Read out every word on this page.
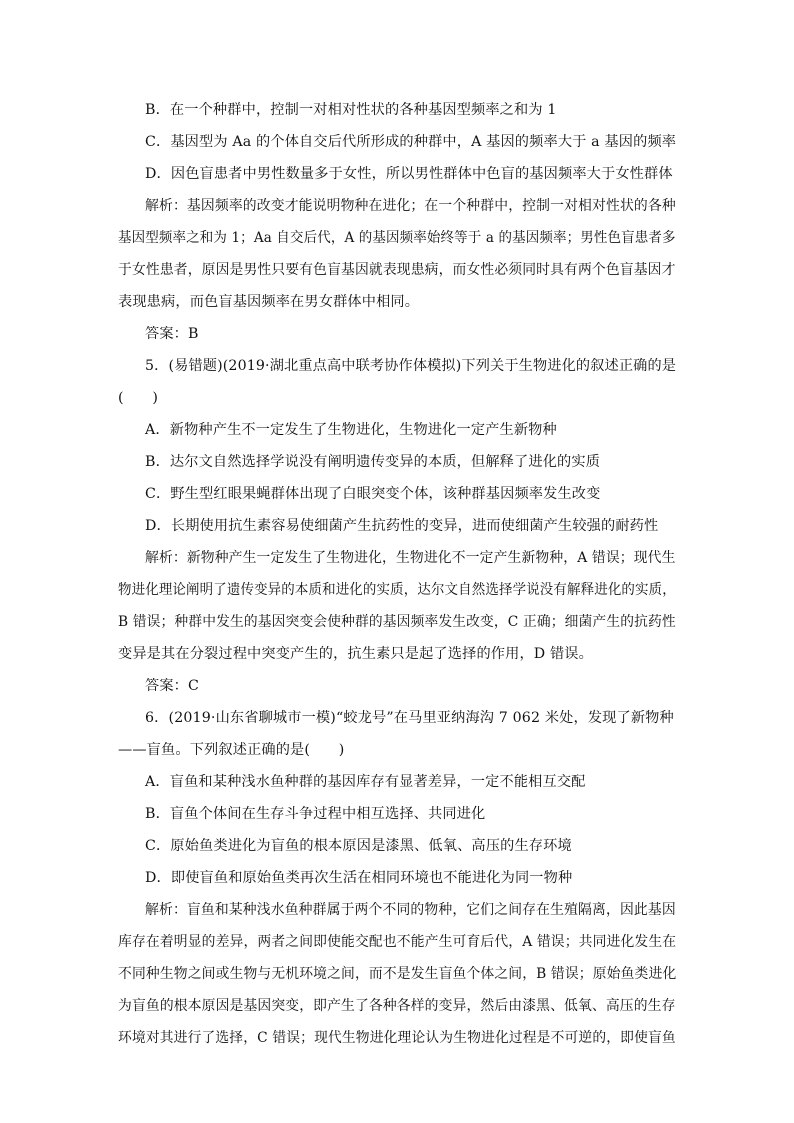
B．在一个种群中，控制一对相对性状的各种基因型频率之和为 1
C．基因型为 Aa 的个体自交后代所形成的种群中，A 基因的频率大于 a 基因的频率
D．因色盲患者中男性数量多于女性，所以男性群体中色盲的基因频率大于女性群体
解析：基因频率的改变才能说明物种在进化；在一个种群中，控制一对相对性状的各种
基因型频率之和为 1；Aa 自交后代，A 的基因频率始终等于 a 的基因频率；男性色盲患者多
于女性患者，原因是男性只要有色盲基因就表现患病，而女性必须同时具有两个色盲基因才
表现患病，而色盲基因频率在男女群体中相同。
答案：B
5．(易错题)(2019·湖北重点高中联考协作体模拟)下列关于生物进化的叙述正确的是
(　　)
A．新物种产生不一定发生了生物进化，生物进化一定产生新物种
B．达尔文自然选择学说没有阐明遗传变异的本质，但解释了进化的实质
C．野生型红眼果蝇群体出现了白眼突变个体，该种群基因频率发生改变
D．长期使用抗生素容易使细菌产生抗药性的变异，进而使细菌产生较强的耐药性
解析：新物种产生一定发生了生物进化，生物进化不一定产生新物种，A 错误；现代生
物进化理论阐明了遗传变异的本质和进化的实质，达尔文自然选择学说没有解释进化的实质，
B 错误；种群中发生的基因突变会使种群的基因频率发生改变，C 正确；细菌产生的抗药性
变异是其在分裂过程中突变产生的，抗生素只是起了选择的作用，D 错误。
答案：C
6．(2019·山东省聊城市一模)“蛟龙号”在马里亚纳海沟 7 062 米处，发现了新物种
——盲鱼。下列叙述正确的是(　　)
A．盲鱼和某种浅水鱼种群的基因库存有显著差异，一定不能相互交配
B．盲鱼个体间在生存斗争过程中相互选择、共同进化
C．原始鱼类进化为盲鱼的根本原因是漆黑、低氧、高压的生存环境
D．即使盲鱼和原始鱼类再次生活在相同环境也不能进化为同一物种
解析：盲鱼和某种浅水鱼种群属于两个不同的物种，它们之间存在生殖隔离，因此基因
库存在着明显的差异，两者之间即使能交配也不能产生可育后代，A 错误；共同进化发生在
不同种生物之间或生物与无机环境之间，而不是发生盲鱼个体之间，B 错误；原始鱼类进化
为盲鱼的根本原因是基因突变，即产生了各种各样的变异，然后由漆黑、低氧、高压的生存
环境对其进行了选择，C 错误；现代生物进化理论认为生物进化过程是不可逆的，即使盲鱼
